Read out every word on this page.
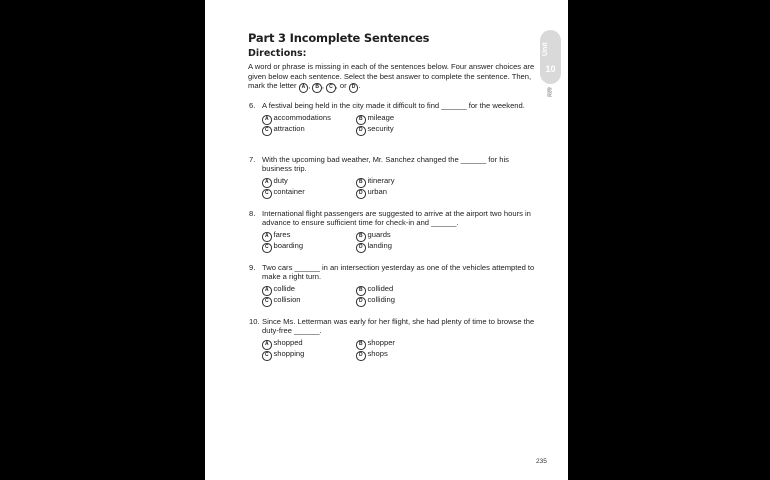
Part 3 Incomplete Sentences
Directions:
A word or phrase is missing in each of the sentences below. Four answer choices are given below each sentence. Select the best answer to complete the sentence. Then, mark the letter A , B , C , or D .
Unit
10
旅遊
6. A festival being held in the city made it difficult to find ______ for the weekend.
A accommodations	B mileage
C attraction	D security
7. With the upcoming bad weather, Mr. Sanchez changed the ______ for his business trip.
A duty	B itinerary
C container	D urban
8. International flight passengers are suggested to arrive at the airport two hours in advance to ensure sufficient time for check-in and ______.
A fares	B guards
C boarding	D landing
9. Two cars ______ in an intersection yesterday as one of the vehicles attempted to make a right turn.
A collide	B collided
C collision	D colliding
10. Since Ms. Letterman was early for her flight, she had plenty of time to browse the duty-free ______.
A shopped	B shopper
C shopping	D shops
235
